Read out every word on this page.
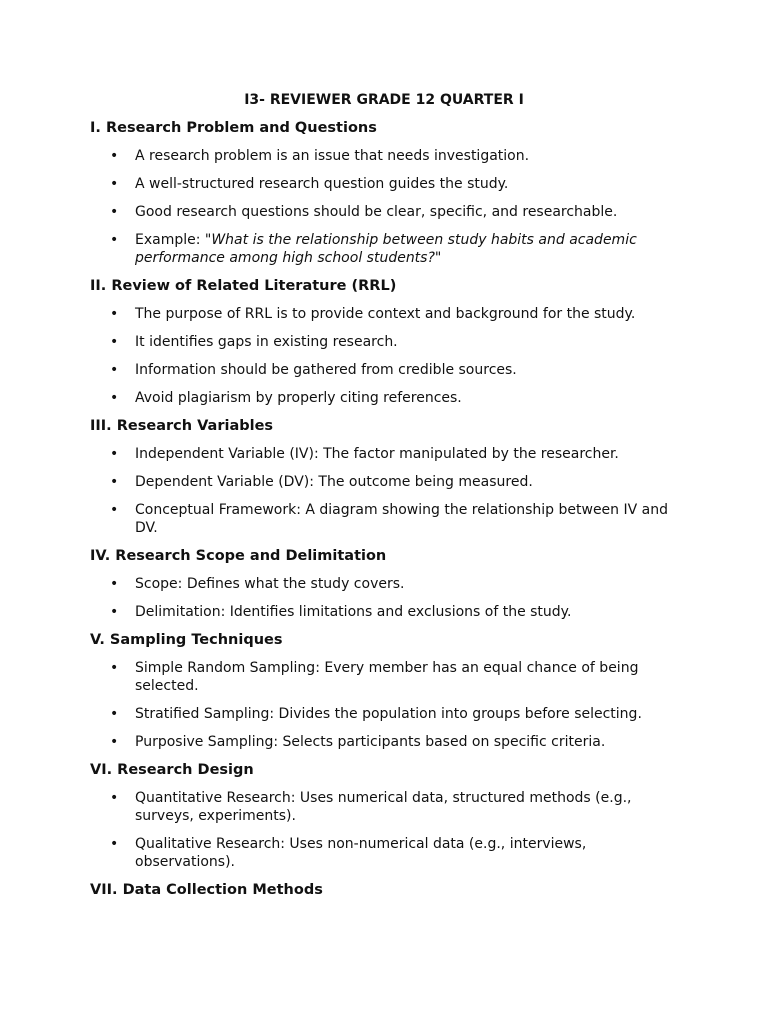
I3- REVIEWER GRADE 12 QUARTER I
I. Research Problem and Questions
• A research problem is an issue that needs investigation.
• A well-structured research question guides the study.
• Good research questions should be clear, specific, and researchable.
• Example: "What is the relationship between study habits and academic performance among high school students?"
II. Review of Related Literature (RRL)
• The purpose of RRL is to provide context and background for the study.
• It identifies gaps in existing research.
• Information should be gathered from credible sources.
• Avoid plagiarism by properly citing references.
III. Research Variables
• Independent Variable (IV): The factor manipulated by the researcher.
• Dependent Variable (DV): The outcome being measured.
• Conceptual Framework: A diagram showing the relationship between IV and DV.
IV. Research Scope and Delimitation
• Scope: Defines what the study covers.
• Delimitation: Identifies limitations and exclusions of the study.
V. Sampling Techniques
• Simple Random Sampling: Every member has an equal chance of being selected.
• Stratified Sampling: Divides the population into groups before selecting.
• Purposive Sampling: Selects participants based on specific criteria.
VI. Research Design
• Quantitative Research: Uses numerical data, structured methods (e.g., surveys, experiments).
• Qualitative Research: Uses non-numerical data (e.g., interviews, observations).
VII. Data Collection Methods
